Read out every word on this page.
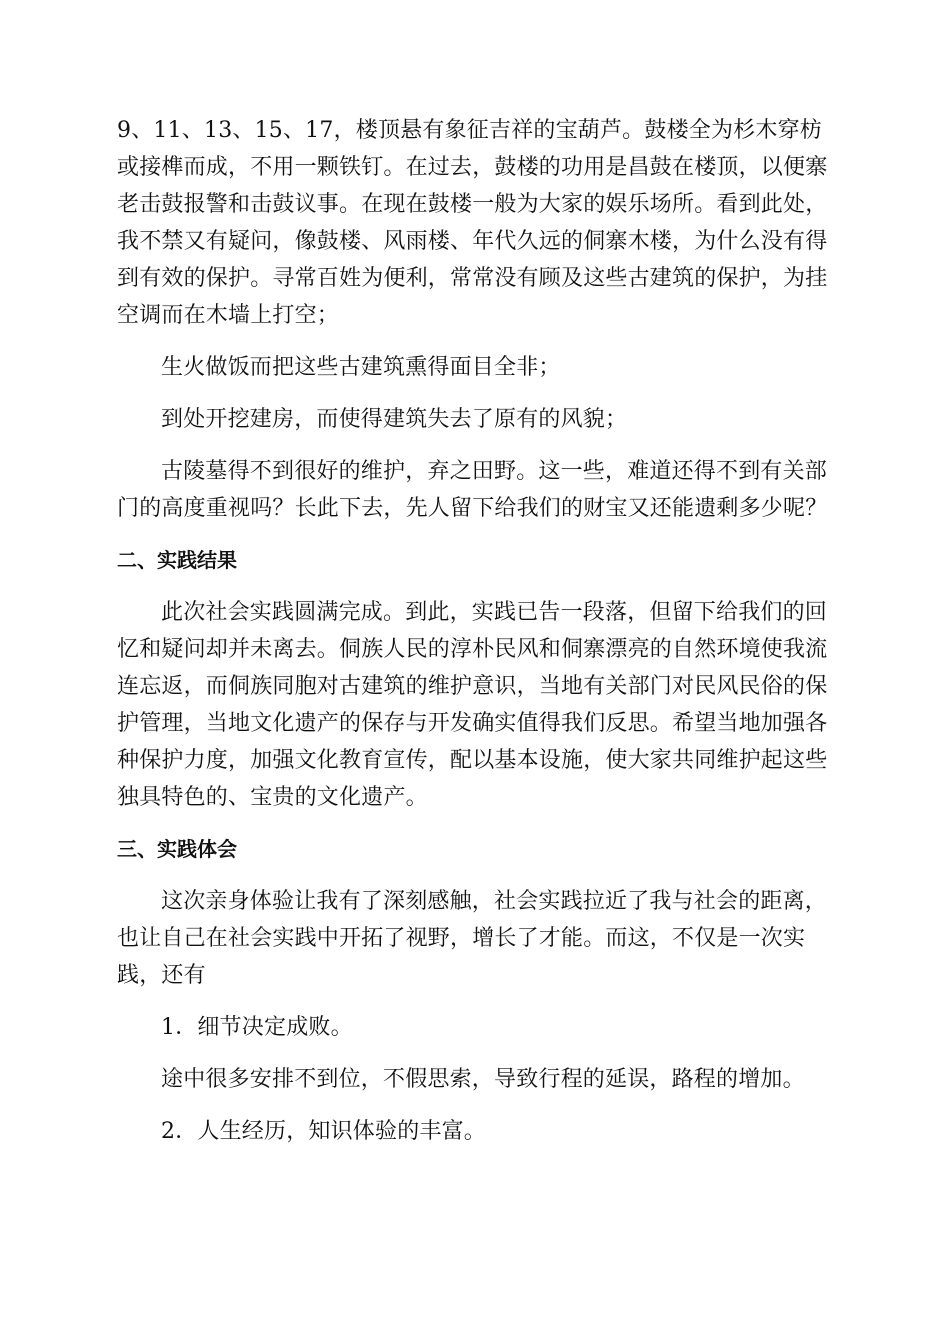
9、11、13、15、17，楼顶悬有象征吉祥的宝葫芦。鼓楼全为杉木穿枋或接榫而成，不用一颗铁钉。在过去，鼓楼的功用是昌鼓在楼顶，以便寨老击鼓报警和击鼓议事。在现在鼓楼一般为大家的娱乐场所。看到此处，我不禁又有疑问，像鼓楼、风雨楼、年代久远的侗寨木楼，为什么没有得到有效的保护。寻常百姓为便利，常常没有顾及这些古建筑的保护，为挂空调而在木墙上打空；

生火做饭而把这些古建筑熏得面目全非；

到处开挖建房，而使得建筑失去了原有的风貌；

古陵墓得不到很好的维护，弃之田野。这一些，难道还得不到有关部门的高度重视吗？长此下去，先人留下给我们的财宝又还能遗剩多少呢？

二、实践结果

此次社会实践圆满完成。到此，实践已告一段落，但留下给我们的回忆和疑问却并未离去。侗族人民的淳朴民风和侗寨漂亮的自然环境使我流连忘返，而侗族同胞对古建筑的维护意识，当地有关部门对民风民俗的保护管理，当地文化遗产的保存与开发确实值得我们反思。希望当地加强各种保护力度，加强文化教育宣传，配以基本设施，使大家共同维护起这些独具特色的、宝贵的文化遗产。

三、实践体会

这次亲身体验让我有了深刻感触，社会实践拉近了我与社会的距离，也让自己在社会实践中开拓了视野，增长了才能。而这，不仅是一次实践，还有

1．细节决定成败。

途中很多安排不到位，不假思索，导致行程的延误，路程的增加。

2．人生经历，知识体验的丰富。
